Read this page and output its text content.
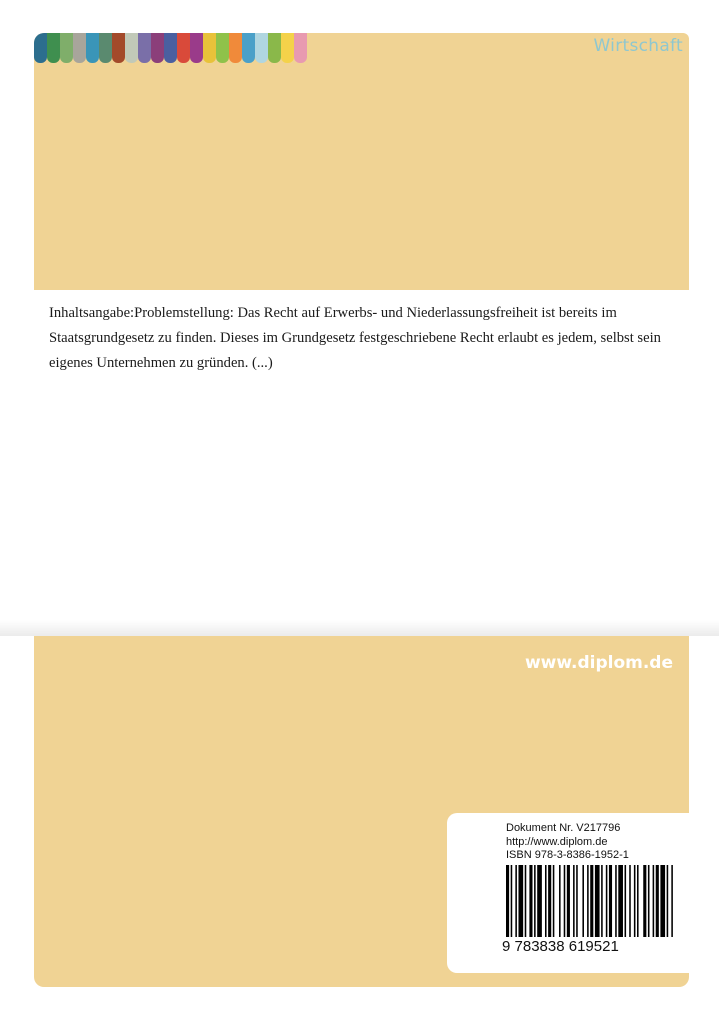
Wirtschaft
Inhaltsangabe:Problemstellung: Das Recht auf Erwerbs- und Niederlassungsfreiheit ist bereits im Staatsgrundgesetz zu finden. Dieses im Grundgesetz festgeschriebene Recht erlaubt es jedem, selbst sein eigenes Unternehmen zu gründen. (...)
www.diplom.de
Dokument Nr. V217796
http://www.diplom.de
ISBN 978-3-8386-1952-1
9 783838 619521
